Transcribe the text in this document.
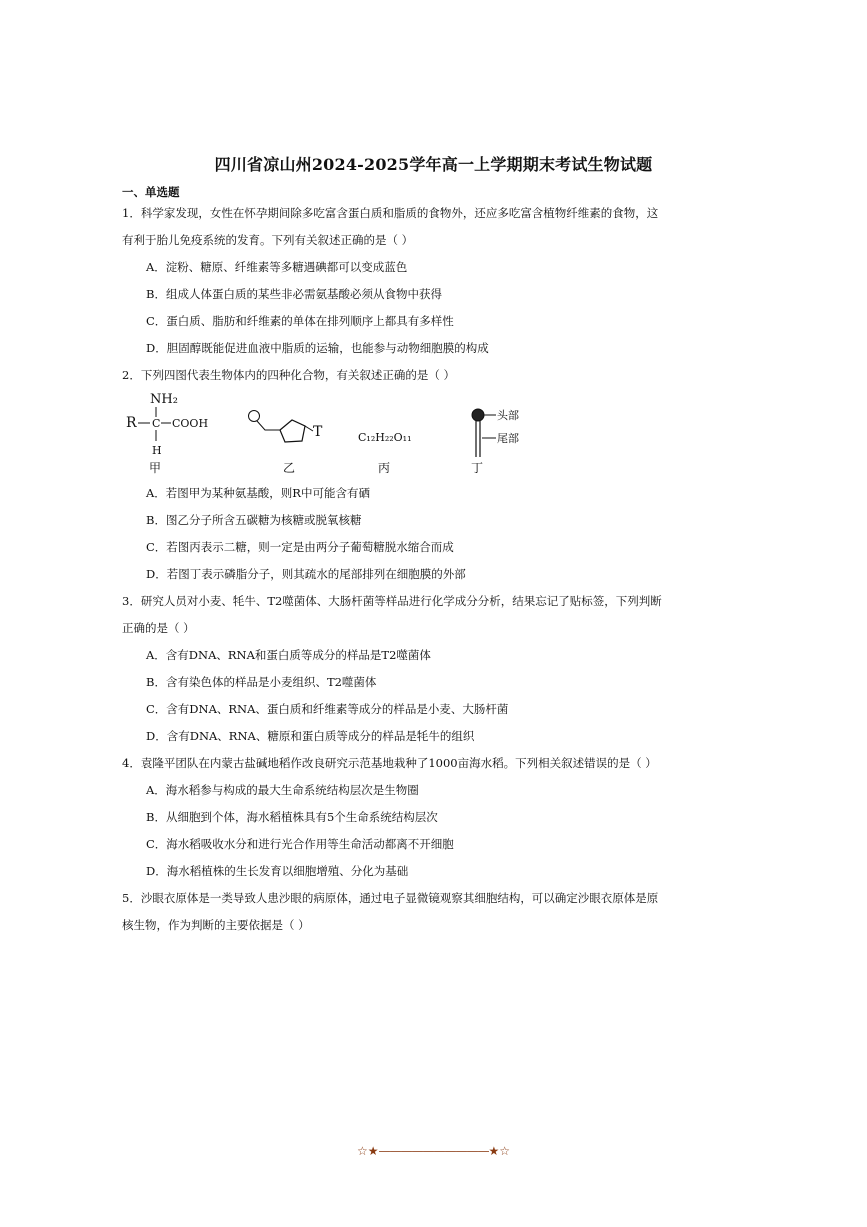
四川省凉山州2024-2025学年高一上学期期末考试生物试题
一、单选题
1．科学家发现，女性在怀孕期间除多吃富含蛋白质和脂质的食物外，还应多吃富含植物纤维素的食物，这
有利于胎儿免疫系统的发育。下列有关叙述正确的是（ ）
A．淀粉、糖原、纤维素等多糖遇碘都可以变成蓝色
B．组成人体蛋白质的某些非必需氨基酸必须从食物中获得
C．蛋白质、脂肪和纤维素的单体在排列顺序上都具有多样性
D．胆固醇既能促进血液中脂质的运输，也能参与动物细胞膜的构成
2．下列四图代表生物体内的四种化合物，有关叙述正确的是（ ）
NH₂
R C COOH
H
甲
T
乙
C₁₂H₂₂O₁₁
丙
头部
尾部
丁
A．若图甲为某种氨基酸，则R中可能含有硒
B．图乙分子所含五碳糖为核糖或脱氧核糖
C．若图丙表示二糖，则一定是由两分子葡萄糖脱水缩合而成
D．若图丁表示磷脂分子，则其疏水的尾部排列在细胞膜的外部
3．研究人员对小麦、牦牛、T2噬菌体、大肠杆菌等样品进行化学成分分析，结果忘记了贴标签，下列判断
正确的是（ ）
A．含有DNA、RNA和蛋白质等成分的样品是T2噬菌体
B．含有染色体的样品是小麦组织、T2噬菌体
C．含有DNA、RNA、蛋白质和纤维素等成分的样品是小麦、大肠杆菌
D．含有DNA、RNA、糖原和蛋白质等成分的样品是牦牛的组织
4．袁隆平团队在内蒙古盐碱地稻作改良研究示范基地栽种了1000亩海水稻。下列相关叙述错误的是（ ）
A．海水稻参与构成的最大生命系统结构层次是生物圈
B．从细胞到个体，海水稻植株具有5个生命系统结构层次
C．海水稻吸收水分和进行光合作用等生命活动都离不开细胞
D．海水稻植株的生长发育以细胞增殖、分化为基础
5．沙眼衣原体是一类导致人患沙眼的病原体，通过电子显微镜观察其细胞结构，可以确定沙眼衣原体是原
核生物，作为判断的主要依据是（ ）
☆★——————————★☆
